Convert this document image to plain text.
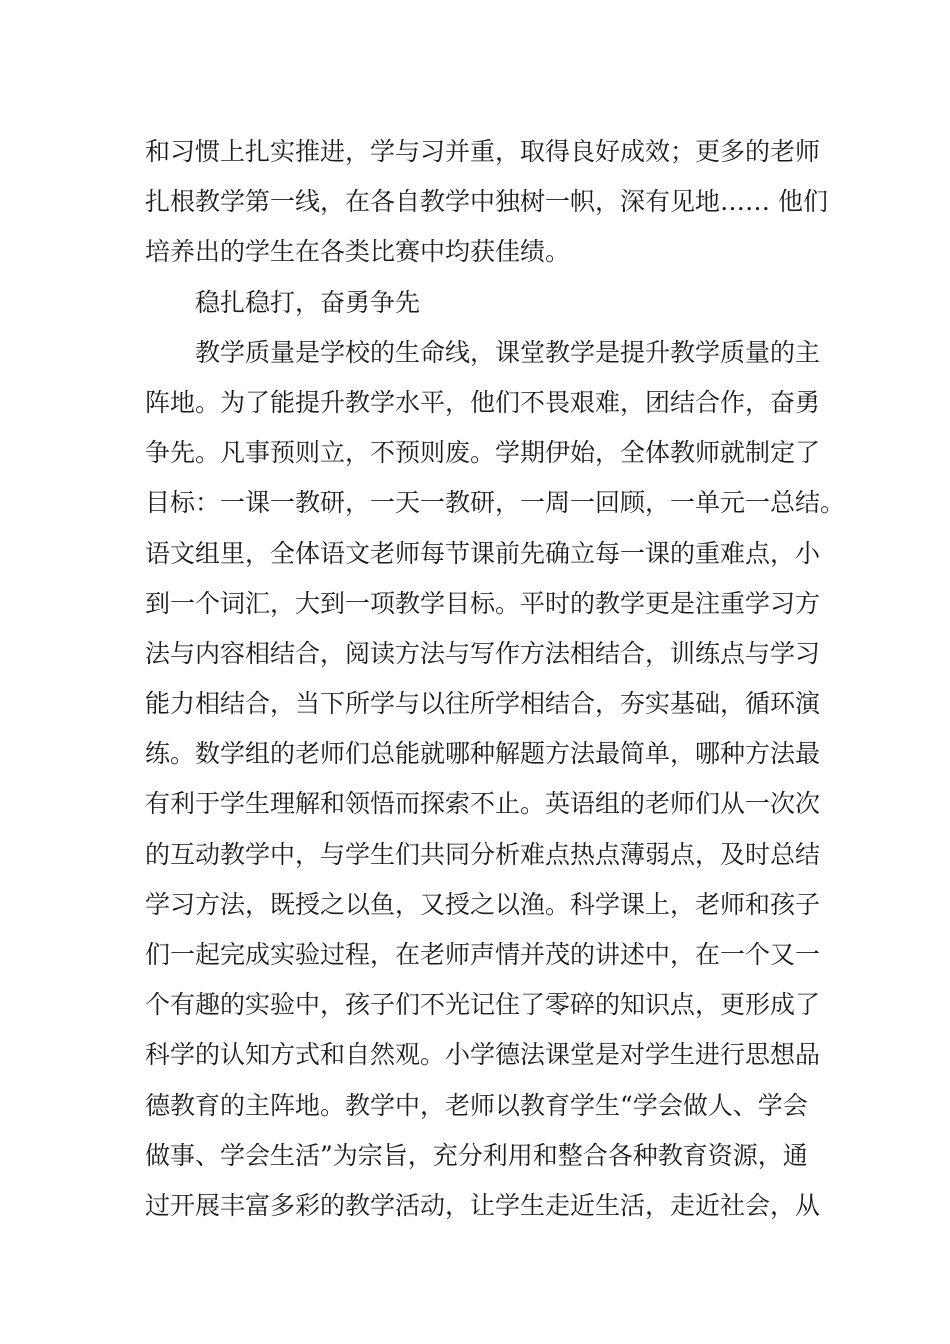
和习惯上扎实推进，学与习并重，取得良好成效；更多的老师
扎根教学第一线，在各自教学中独树一帜，深有见地…… 他们
培养出的学生在各类比赛中均获佳绩。
稳扎稳打，奋勇争先
教学质量是学校的生命线，课堂教学是提升教学质量的主
阵地。为了能提升教学水平，他们不畏艰难，团结合作，奋勇
争先。凡事预则立，不预则废。学期伊始，全体教师就制定了
目标：一课一教研，一天一教研，一周一回顾，一单元一总结。
语文组里，全体语文老师每节课前先确立每一课的重难点，小
到一个词汇，大到一项教学目标。平时的教学更是注重学习方
法与内容相结合，阅读方法与写作方法相结合，训练点与学习
能力相结合，当下所学与以往所学相结合，夯实基础，循环演
练。数学组的老师们总能就哪种解题方法最简单，哪种方法最
有利于学生理解和领悟而探索不止。英语组的老师们从一次次
的互动教学中，与学生们共同分析难点热点薄弱点，及时总结
学习方法，既授之以鱼，又授之以渔。科学课上，老师和孩子
们一起完成实验过程，在老师声情并茂的讲述中，在一个又一
个有趣的实验中，孩子们不光记住了零碎的知识点，更形成了
科学的认知方式和自然观。小学德法课堂是对学生进行思想品
德教育的主阵地。教学中，老师以教育学生“学会做人、学会
做事、学会生活”为宗旨，充分利用和整合各种教育资源，通
过开展丰富多彩的教学活动，让学生走近生活，走近社会，从
